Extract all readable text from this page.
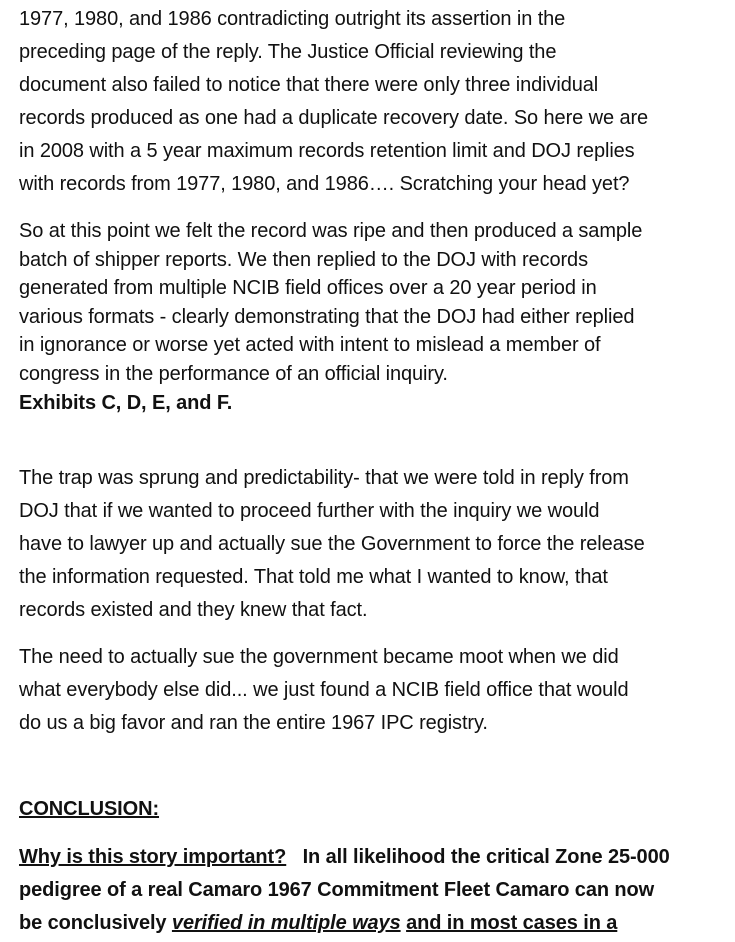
1977, 1980, and 1986 contradicting outright its assertion in the
preceding page of the reply. The Justice Official reviewing the
document also failed to notice that there were only three individual
records produced as one had a duplicate recovery date. So here we are
in 2008 with a 5 year maximum records retention limit and DOJ replies
with records from 1977, 1980, and 1986…. Scratching your head yet?

So at this point we felt the record was ripe and then produced a sample
batch of shipper reports. We then replied to the DOJ with records
generated from multiple NCIB field offices over a 20 year period in
various formats - clearly demonstrating that the DOJ had either replied
in ignorance or worse yet acted with intent to mislead a member of
congress in the performance of an official inquiry.
Exhibits C, D, E, and F.

The trap was sprung and predictability- that we were told in reply from
DOJ that if we wanted to proceed further with the inquiry we would
have to lawyer up and actually sue the Government to force the release
the information requested. That told me what I wanted to know, that
records existed and they knew that fact.

The need to actually sue the government became moot when we did
what everybody else did... we just found a NCIB field office that would
do us a big favor and ran the entire 1967 IPC registry.

CONCLUSION:

Why is this story important?   In all likelihood the critical Zone 25-000
pedigree of a real Camaro 1967 Commitment Fleet Camaro can now
be conclusively verified in multiple ways and in most cases in a
